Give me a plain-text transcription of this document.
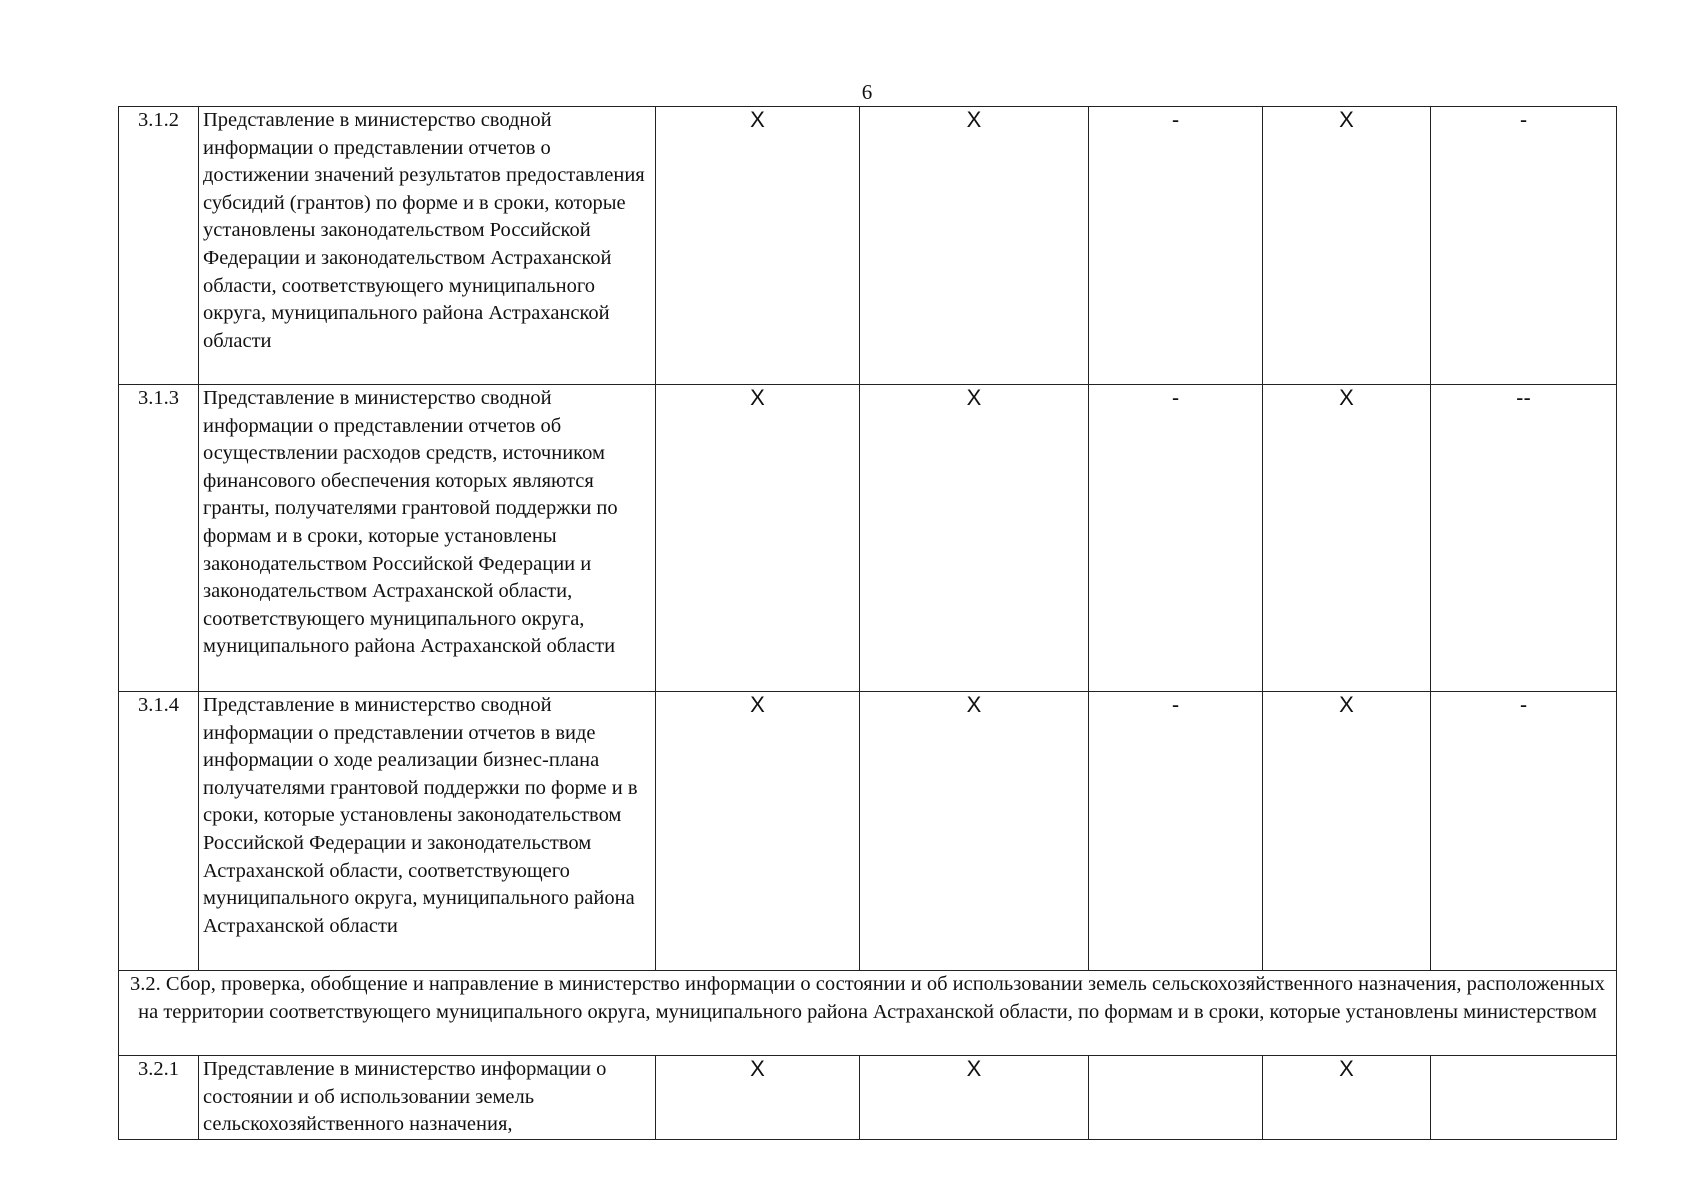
6
3.1.2	Представление в министерство сводной информации о представлении отчетов о достижении значений результатов предоставления субсидий (грантов) по форме и в сроки, которые установлены законодательством Российской Федерации и законодательством Астраханской области, соответствующего муниципального округа, муниципального района Астраханской области	Х	Х	-	Х	-
3.1.3	Представление в министерство сводной информации о представлении отчетов об осуществлении расходов средств, источником финансового обеспечения которых являются гранты, получателями грантовой поддержки по формам и в сроки, которые установлены законодательством Российской Федерации и законодательством Астраханской области, соответствующего муниципального округа, муниципального района Астраханской области	Х	Х	-	Х	--
3.1.4	Представление в министерство сводной информации о представлении отчетов в виде информации о ходе реализации бизнес-плана получателями грантовой поддержки по форме и в сроки, которые установлены законодательством Российской Федерации и законодательством Астраханской области, соответствующего муниципального округа, муниципального района Астраханской области	Х	Х	-	Х	-
3.2. Сбор, проверка, обобщение и направление в министерство информации о состоянии и об использовании земель сельскохозяйственного назначения, расположенных на территории соответствующего муниципального округа, муниципального района Астраханской области, по формам и в сроки, которые установлены министерством						
3.2.1	Представление в министерство информации о состоянии и об использовании земель сельскохозяйственного назначения,	Х	Х		Х	
